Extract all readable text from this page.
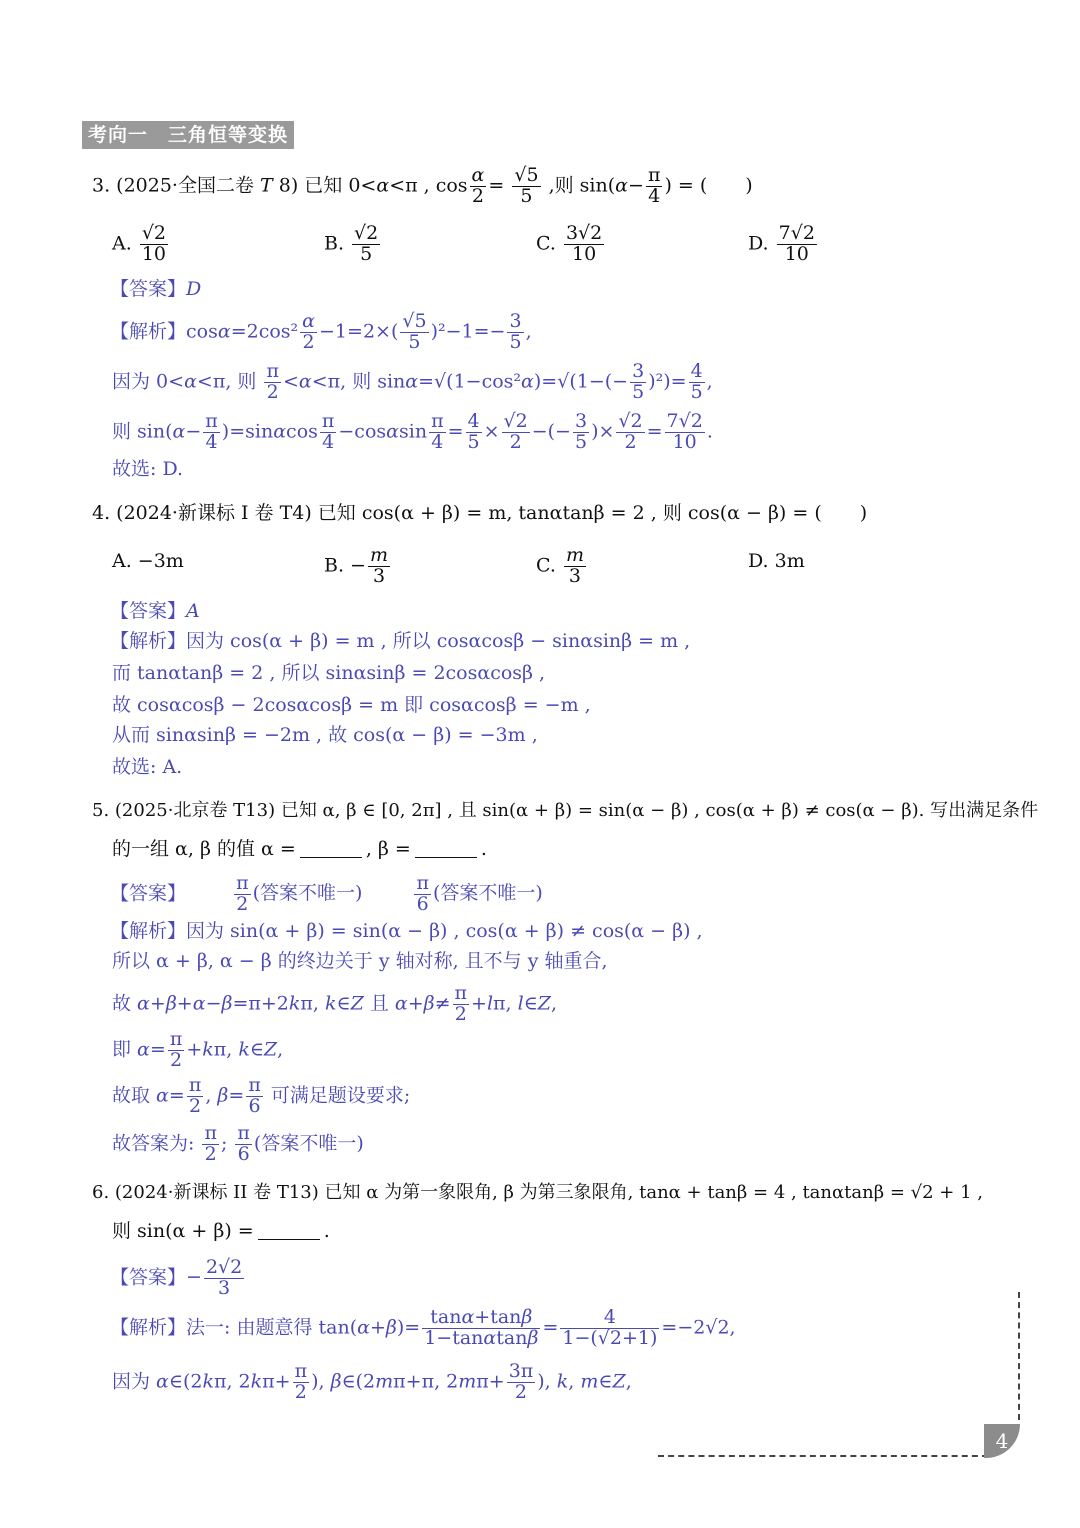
考向一　三角恒等变换
3. (2025·全国二卷 T 8) 已知 0<α<π , $\cos \frac{\alpha}{2} = \frac{√5}{5}$ ,则 $\sin(\alpha- \frac{\pi}{4}$ ) = (　　)
A. $\frac{√2}{10}$	B. $\frac{√2}{5}$	C. $\frac{3√2}{10}$	D. $\frac{7√2}{10}$
【答案】D
【解析】$\cos\alpha=2\cos^2 \frac{\alpha}{2} -1=2\times( \frac{√5}{5} )^2-1=- \frac{3}{5}$ ,
因为 0<α<π, 则 $\frac{\pi}{2} <\alpha<\pi$, 则 $\sin\alpha=√(1-\cos^2\alpha)=√(1-(- \frac{3}{5} )^2)= \frac{4}{5}$ ,
则 $\sin(\alpha- \frac{\pi}{4} )=\sin\alpha\cos \frac{\pi}{4} -\cos\alpha\sin \frac{\pi}{4} = \frac{4}{5} \times \frac{√2}{2}$ −(− $\frac{3}{5}$ )× $\frac{√2}{2} = \frac{7√2}{10}$ .
故选: D.
4. (2024·新课标 I 卷 T4) 已知 cos(α + β) = m, tanαtanβ = 2 , 则 cos(α − β) = (　　)
A. −3m	B. − $\frac{m}{3}$	C. $\frac{m}{3}$	D. 3m
【答案】A
【解析】因为 cos(α + β) = m , 所以 cosαcosβ − sinαsinβ = m ,
而 tanαtanβ = 2 , 所以 sinαsinβ = 2cosαcosβ ,
故 cosαcosβ − 2cosαcosβ = m 即 cosαcosβ = −m ,
从而 sinαsinβ = −2m , 故 cos(α − β) = −3m ,
故选: A.
5. (2025·北京卷 T13) 已知 α, β ∈ [0, 2π] , 且 sin(α + β) = sin(α − β) , cos(α + β) ≠ cos(α − β). 写出满足条件
的一组 α, β 的值 α =	, β =	.
【答案】	$\frac{\pi}{2}$ (答案不唯一)	$\frac{\pi}{6}$ (答案不唯一)
【解析】因为 sin(α + β) = sin(α − β) , cos(α + β) ≠ cos(α − β) ,
所以 α + β, α − β 的终边关于 y 轴对称, 且不与 y 轴重合,
故 α+β+α−β=π+2kπ, k∈Z 且 $\alpha+\beta\ne \frac{\pi}{2} +l\pi$, l∈Z,
即 $\alpha= \frac{\pi}{2} +k\pi$, k∈Z,
故取 $\alpha= \frac{\pi}{2}$ , $\beta= \frac{\pi}{6}$ 可满足题设要求;
故答案为: $\frac{\pi}{2}$ ; $\frac{\pi}{6}$ (答案不唯一)
6. (2024·新课标 II 卷 T13) 已知 α 为第一象限角, β 为第三象限角, tanα + tanβ = 4 , tanαtanβ = √2 + 1 ,
则 sin(α + β) =	.
【答案】− $\frac{2√2}{3}$
【解析】法一: 由题意得 $\tan(\alpha+\beta)= \frac{\tan\alpha+\tan\beta}{1-\tan\alpha\tan\beta} = \frac{4}{1-(√2+1)} =-2√2$,
因为 α∈(2kπ, $2k\pi+ \frac{\pi}{2}$ ), β∈(2mπ+π, $2m\pi+ \frac{3\pi}{2}$ ), k, m∈Z,
4
